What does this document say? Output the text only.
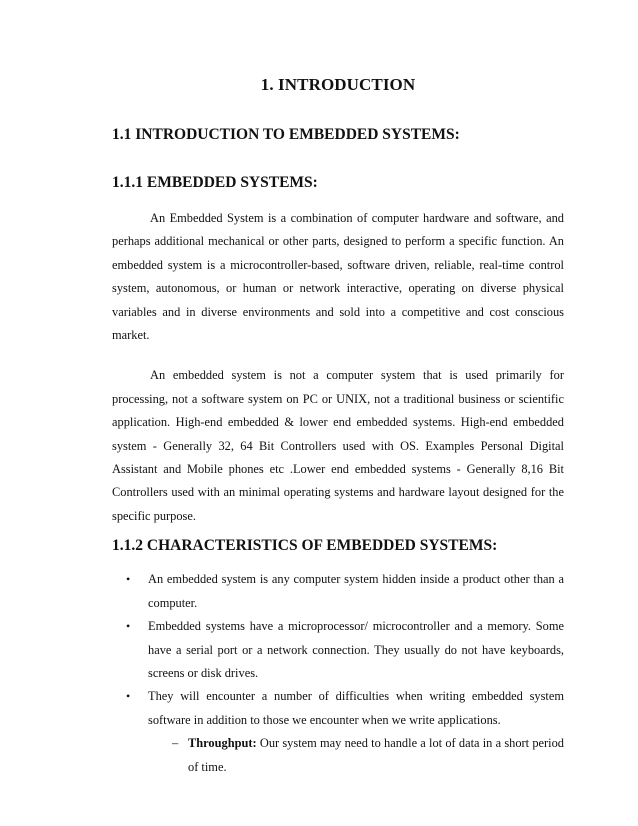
1. INTRODUCTION
1.1 INTRODUCTION TO EMBEDDED SYSTEMS:
1.1.1 EMBEDDED SYSTEMS:

An Embedded System is a combination of computer hardware and software, and perhaps additional mechanical or other parts, designed to perform a specific function. An embedded system is a microcontroller-based, software driven, reliable, real-time control system, autonomous, or human or network interactive, operating on diverse physical variables and in diverse environments and sold into a competitive and cost conscious market.

An embedded system is not a computer system that is used primarily for processing, not a software system on PC or UNIX, not a traditional business or scientific application. High-end embedded & lower end embedded systems. High-end embedded system - Generally 32, 64 Bit Controllers used with OS. Examples Personal Digital Assistant and Mobile phones etc .Lower end embedded systems - Generally 8,16 Bit Controllers used with an minimal operating systems and hardware layout designed for the specific purpose.

1.1.2 CHARACTERISTICS OF EMBEDDED SYSTEMS:
• An embedded system is any computer system hidden inside a product other than a computer.
• Embedded systems have a microprocessor/ microcontroller and a memory. Some have a serial port or a network connection. They usually do not have keyboards, screens or disk drives.
• They will encounter a number of difficulties when writing embedded system software in addition to those we encounter when we write applications.
– Throughput: Our system may need to handle a lot of data in a short period of time.
